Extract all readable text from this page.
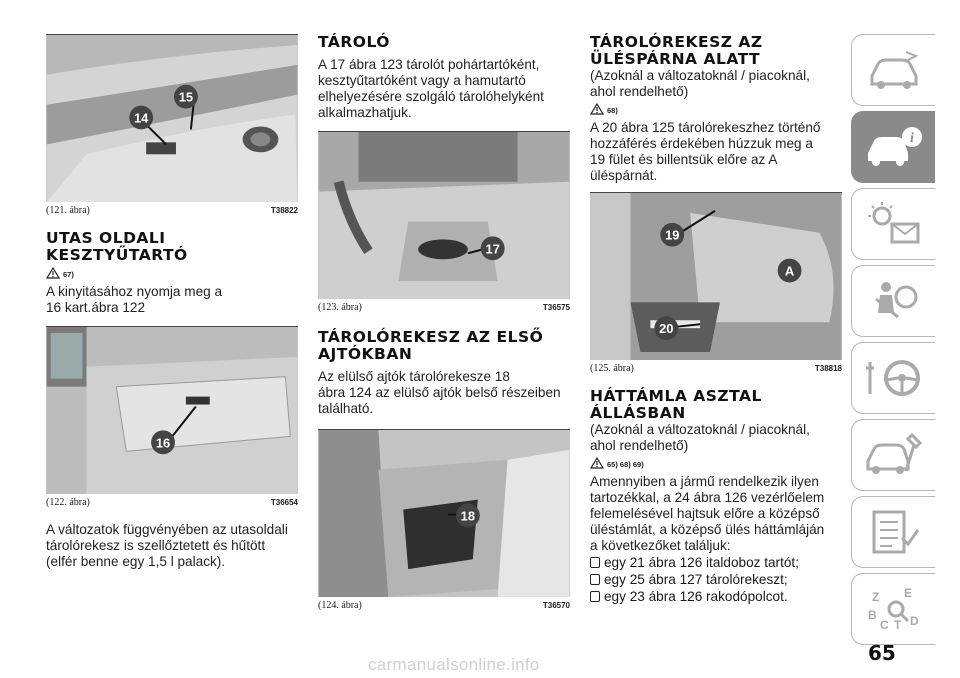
14
15
(121. ábra)	T38822
UTAS OLDALI
KESZTYŰTARTÓ
67)
A kinyitásához nyomja meg a
16 kart.ábra 122
16
(122. ábra)	T36654
A változatok függvényében az utasoldali
tárolórekesz is szellőztetett és hűtött
(elfér benne egy 1,5 l palack).
TÁROLÓ
A 17 ábra 123 tárolót pohártartóként,
kesztyűtartóként vagy a hamutartó
elhelyezésére szolgáló tárolóhelyként
alkalmazhatjuk.
17
(123. ábra)	T36575
TÁROLÓREKESZ AZ ELSŐ
AJTÓKBAN
Az elülső ajtók tárolórekesze 18
ábra 124 az elülső ajtók belső részeiben
található.
18
(124. ábra)	T36570
TÁROLÓREKESZ AZ
ÜLÉSPÁRNA ALATT
(Azoknál a változatoknál / piacoknál,
ahol rendelhető)
68)
A 20 ábra 125 tárolórekeszhez történő
hozzáférés érdekében húzzuk meg a
19 fület és billentsük előre az A
üléspárnát.
19
A
20
(125. ábra)	T38818
HÁTTÁMLA ASZTAL
ÁLLÁSBAN
(Azoknál a változatoknál / piacoknál,
ahol rendelhető)
65) 68) 69)
Amennyiben a jármű rendelkezik ilyen
tartozékkal, a 24 ábra 126 vezérlőelem
felemelésével hajtsuk előre a középső
üléstámlát, a középső ülés háttámláján
a következőket találjuk:
egy 21 ábra 126 italdoboz tartót;
egy 25 ábra 127 tárolórekeszt;
egy 23 ábra 126 rakodópolcot.
i
Z E
B
C T D
65
carmanualsonline.info
